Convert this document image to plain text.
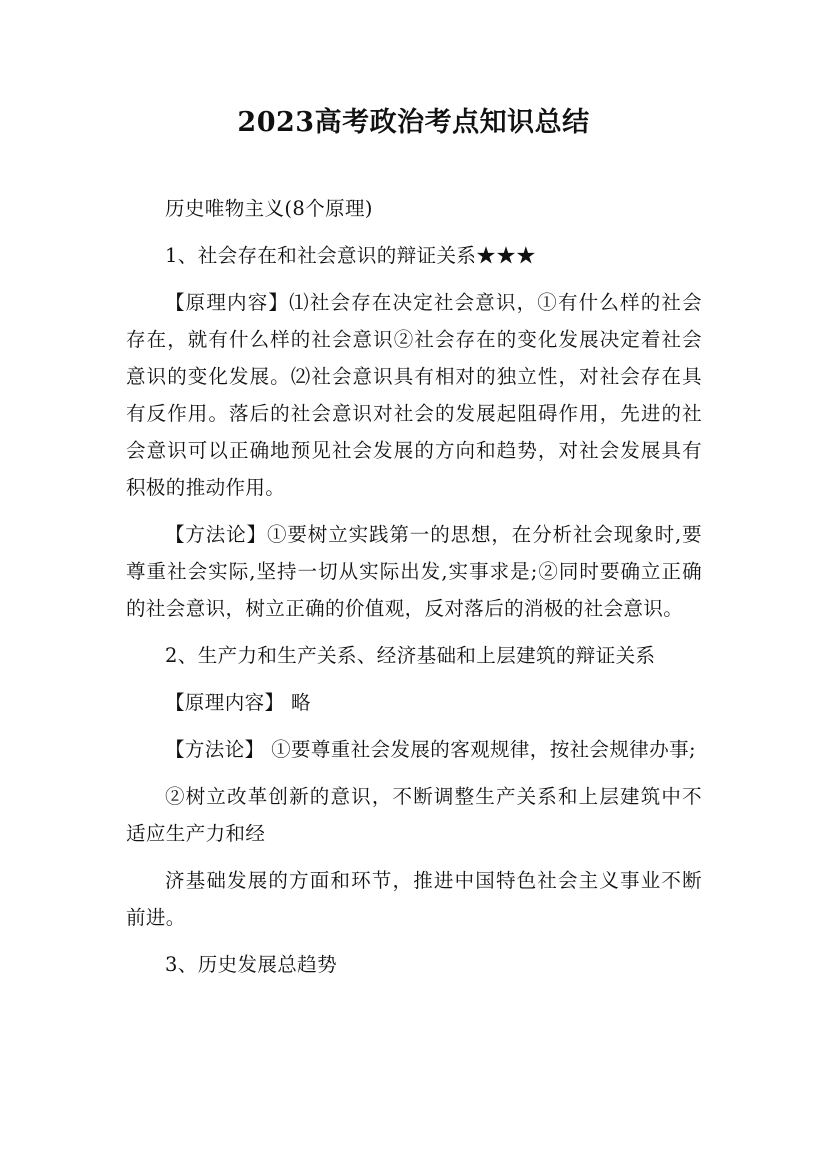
2023高考政治考点知识总结

历史唯物主义(8个原理)

1、社会存在和社会意识的辩证关系★★★

【原理内容】⑴社会存在决定社会意识，①有什么样的社会存在，就有什么样的社会意识②社会存在的变化发展决定着社会意识的变化发展。⑵社会意识具有相对的独立性，对社会存在具有反作用。落后的社会意识对社会的发展起阻碍作用，先进的社会意识可以正确地预见社会发展的方向和趋势，对社会发展具有积极的推动作用。

【方法论】①要树立实践第一的思想，在分析社会现象时,要尊重社会实际,坚持一切从实际出发,实事求是;②同时要确立正确的社会意识，树立正确的价值观，反对落后的消极的社会意识。

2、生产力和生产关系、经济基础和上层建筑的辩证关系

【原理内容】 略

【方法论】 ①要尊重社会发展的客观规律，按社会规律办事;

②树立改革创新的意识，不断调整生产关系和上层建筑中不适应生产力和经

济基础发展的方面和环节，推进中国特色社会主义事业不断前进。

3、历史发展总趋势
